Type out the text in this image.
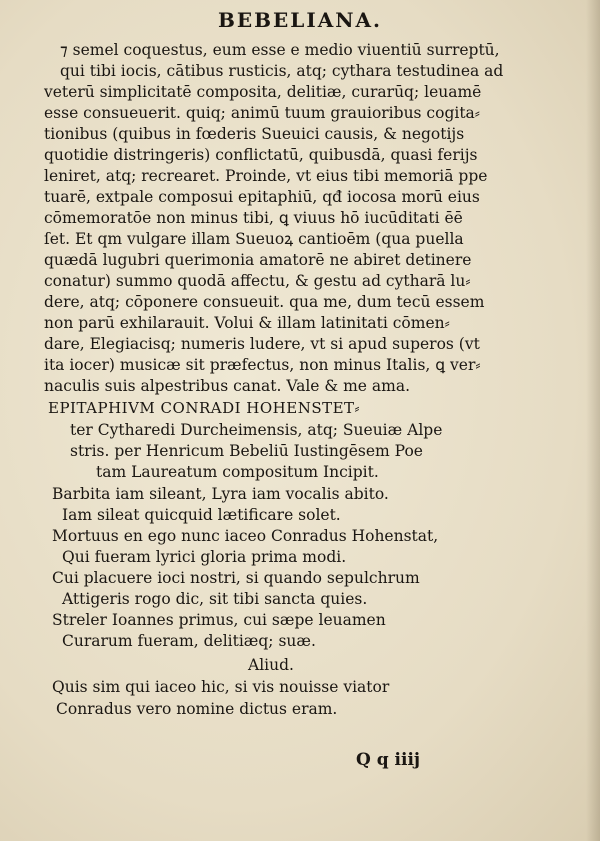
BEBELIANA.
⁊ semel coquestus, eum esse e medio viuentiū surreptū,
qui tibi iocis, cātibus rusticis, atq; cythara testudinea ad
veterū simplicitatē composita, delitiæ, curarūq; leuamē
esse consueuerit. quiq; animū tuum grauioribus cogita⸗
tionibus (quibus in fœderis Sueuici causis, & negotijs
quotidie distringeris) conflictatū, quibusdā, quasi ferijs
leniret, atq; recrearet. Proinde, vt eius tibi memoriā ppe
tuarē, extpale composui epitaphiū, qđ iocosa morū eius
cōmemoratōe non minus tibi, ꝗ viuus hō iucūditati ēē
ſet. Et qm vulgare illam Sueuoꝝ cantioēm (qua puella
quædā lugubri querimonia amatorē ne abiret detinere
conatur) summo quodā affectu, & gestu ad cytharā lu⸗
dere, atq; cōponere consueuit. qua me, dum tecū essem
non parū exhilarauit. Volui & illam latinitati cōmen⸗
dare, Elegiacisq; numeris ludere, vt si apud superos (vt
ita iocer) musicæ sit præfectus, non minus Italis, ꝗ ver⸗
naculis suis alpestribus canat. Vale & me ama.
EPITAPHIVM CONRADI HOHENSTET⸗
ter Cytharedi Durcheimensis, atq; Sueuiæ Alpe
stris. per Henricum Bebeliū Iustingēsem Poe
tam Laureatum compositum Incipit.
Barbita iam sileant, Lyra iam vocalis abito.
Iam sileat quicquid lætificare solet.
Mortuus en ego nunc iaceo Conradus Hohenstat,
Qui fueram lyrici gloria prima modi.
Cui placuere ioci nostri, si quando sepulchrum
Attigeris rogo dic, sit tibi sancta quies.
Streler Ioannes primus, cui sæpe leuamen
Curarum fueram, delitiæq; suæ.
Aliud.
Quis sim qui iaceo hic, si vis nouisse viator
Conradus vero nomine dictus eram.
Q q iiij
